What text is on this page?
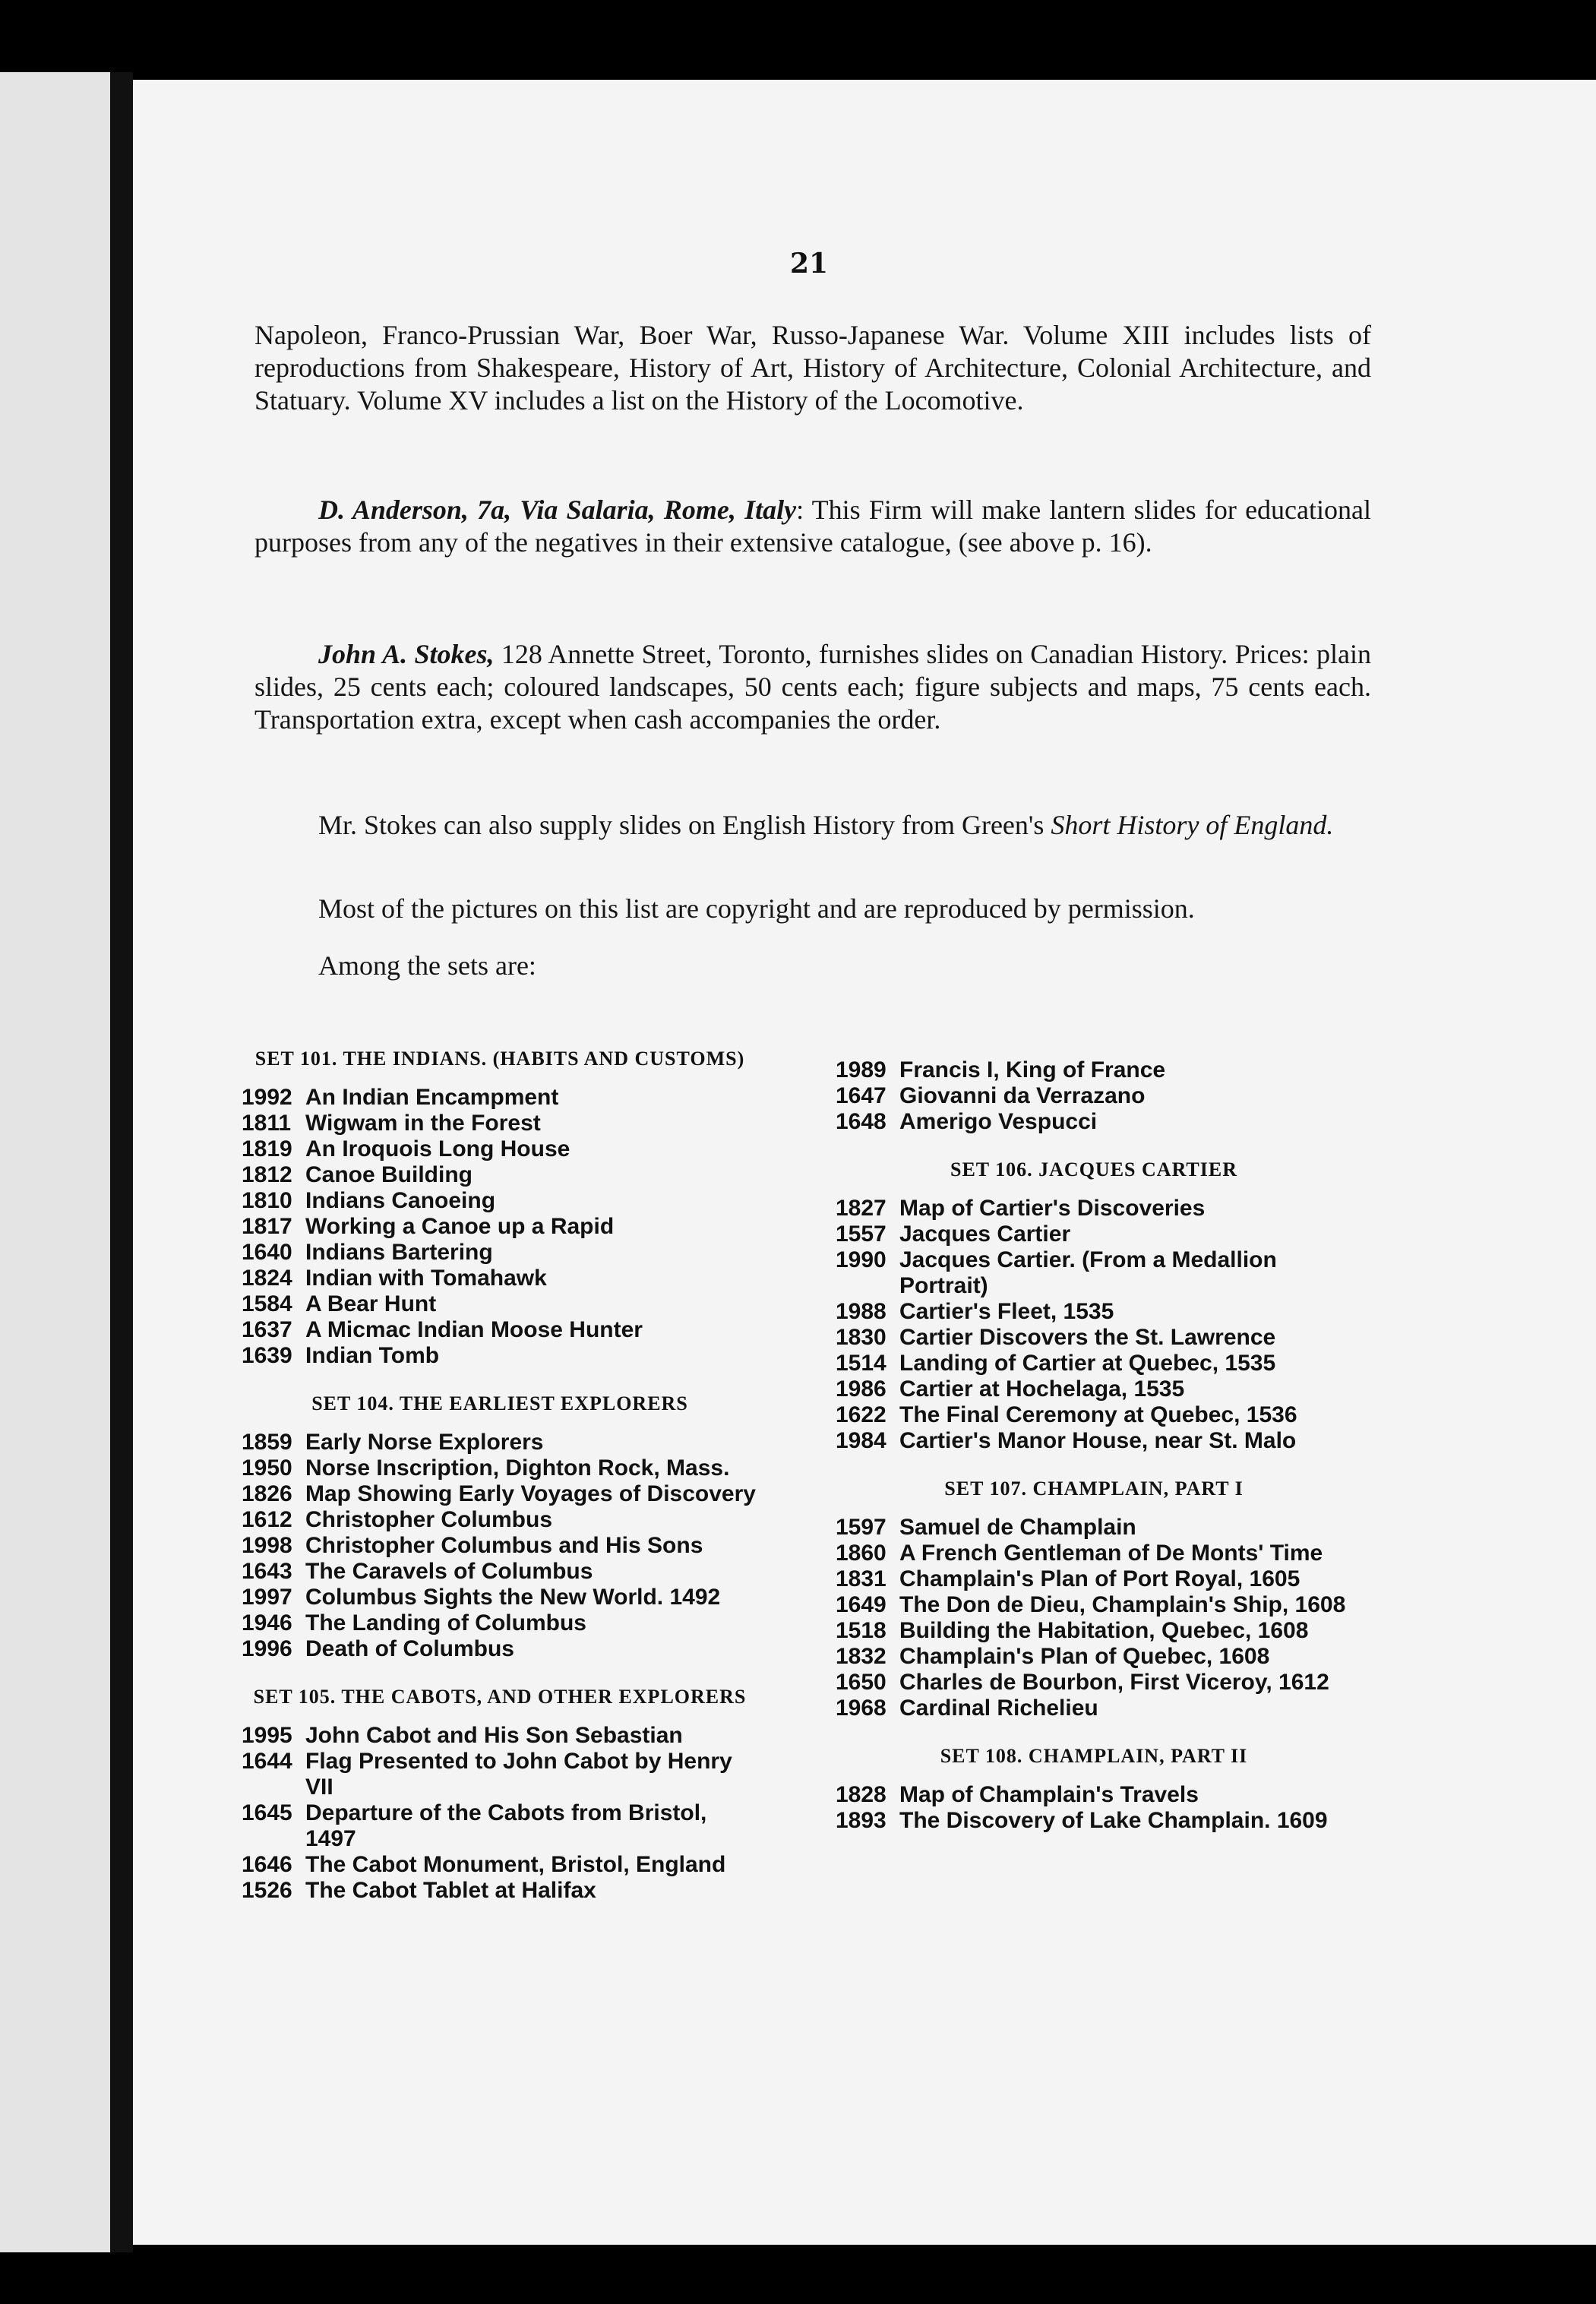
21

Napoleon, Franco-Prussian War, Boer War, Russo-Japanese War. Volume XIII includes lists of reproductions from Shakespeare, History of Art, History of Architecture, Colonial Architecture, and Statuary. Volume XV includes a list on the History of the Locomotive.

D. Anderson, 7a, Via Salaria, Rome, Italy: This Firm will make lantern slides for educational purposes from any of the negatives in their extensive catalogue, (see above p. 16).

John A. Stokes, 128 Annette Street, Toronto, furnishes slides on Canadian History. Prices: plain slides, 25 cents each; coloured landscapes, 50 cents each; figure subjects and maps, 75 cents each. Transportation extra, except when cash accompanies the order.

Mr. Stokes can also supply slides on English History from Green's Short History of England.

Most of the pictures on this list are copyright and are reproduced by permission.

Among the sets are:

SET 101. THE INDIANS. (HABITS AND CUSTOMS)
1992 An Indian Encampment
1811 Wigwam in the Forest
1819 An Iroquois Long House
1812 Canoe Building
1810 Indians Canoeing
1817 Working a Canoe up a Rapid
1640 Indians Bartering
1824 Indian with Tomahawk
1584 A Bear Hunt
1637 A Micmac Indian Moose Hunter
1639 Indian Tomb
SET 104. THE EARLIEST EXPLORERS
1859 Early Norse Explorers
1950 Norse Inscription, Dighton Rock, Mass.
1826 Map Showing Early Voyages of Discovery
1612 Christopher Columbus
1998 Christopher Columbus and His Sons
1643 The Caravels of Columbus
1997 Columbus Sights the New World. 1492
1946 The Landing of Columbus
1996 Death of Columbus
SET 105. THE CABOTS, AND OTHER EXPLORERS
1995 John Cabot and His Son Sebastian
1644 Flag Presented to John Cabot by Henry VII
1645 Departure of the Cabots from Bristol, 1497
1646 The Cabot Monument, Bristol, England
1526 The Cabot Tablet at Halifax
1989 Francis I, King of France
1647 Giovanni da Verrazano
1648 Amerigo Vespucci
SET 106. JACQUES CARTIER
1827 Map of Cartier's Discoveries
1557 Jacques Cartier
1990 Jacques Cartier. (From a Medallion Portrait)
1988 Cartier's Fleet, 1535
1830 Cartier Discovers the St. Lawrence
1514 Landing of Cartier at Quebec, 1535
1986 Cartier at Hochelaga, 1535
1622 The Final Ceremony at Quebec, 1536
1984 Cartier's Manor House, near St. Malo
SET 107. CHAMPLAIN, PART I
1597 Samuel de Champlain
1860 A French Gentleman of De Monts' Time
1831 Champlain's Plan of Port Royal, 1605
1649 The Don de Dieu, Champlain's Ship, 1608
1518 Building the Habitation, Quebec, 1608
1832 Champlain's Plan of Quebec, 1608
1650 Charles de Bourbon, First Viceroy, 1612
1968 Cardinal Richelieu
SET 108. CHAMPLAIN, PART II
1828 Map of Champlain's Travels
1893 The Discovery of Lake Champlain. 1609
